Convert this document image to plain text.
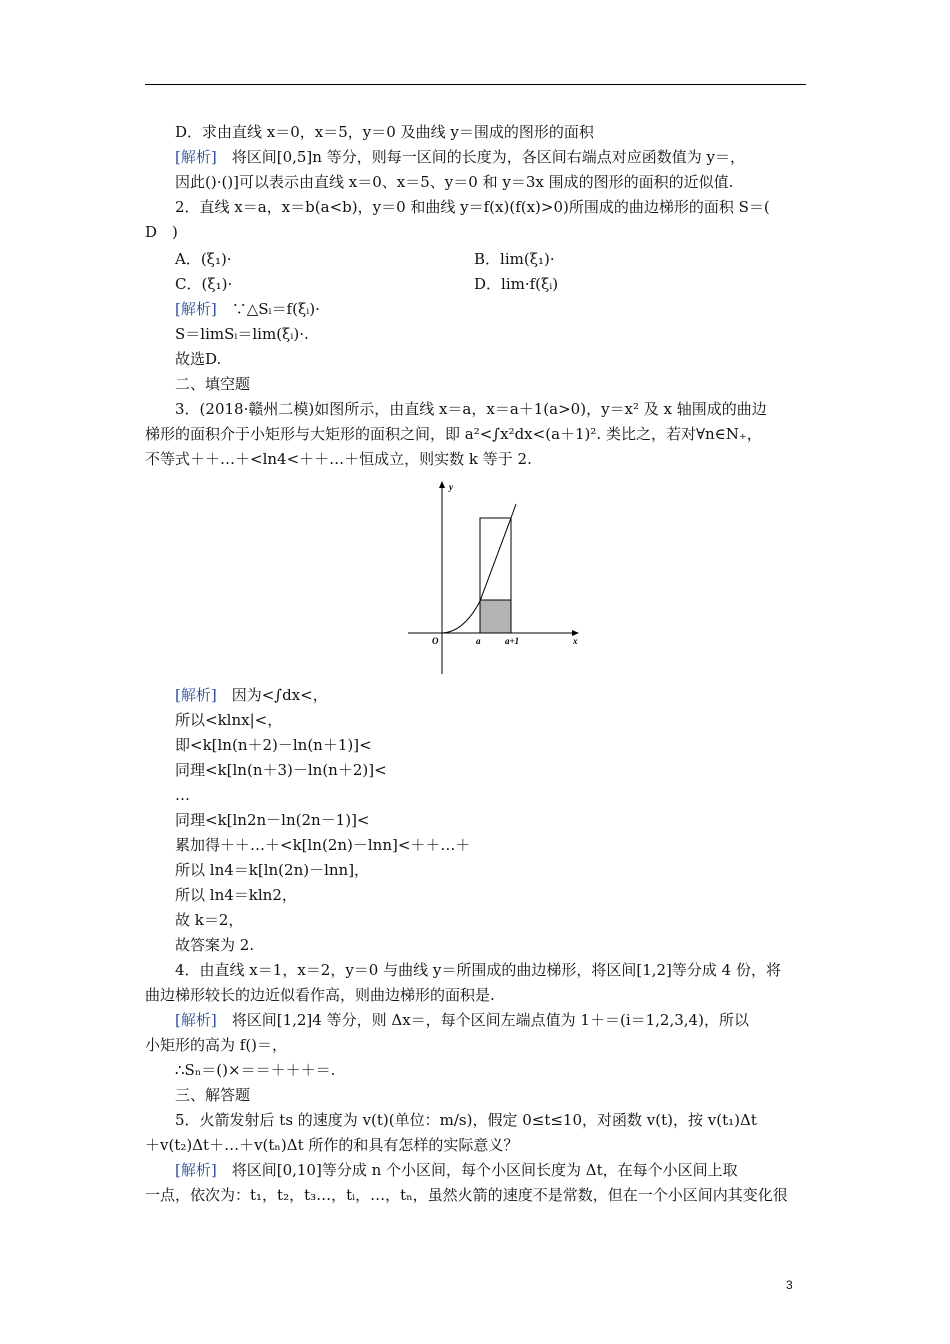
D．求由直线 x＝0，x＝5，y＝0 及曲线 y＝围成的图形的面积
[解析]　将区间[0,5]n 等分，则每一区间的长度为，各区间右端点对应函数值为 y＝，
因此()·()]可以表示由直线 x＝0、x＝5、y＝0 和 y＝3x 围成的图形的面积的近似值.
2．直线 x＝a，x＝b(a<b)，y＝0 和曲线 y＝f(x)(f(x)>0)所围成的曲边梯形的面积 S＝(
D　)
A．(ξ₁)·	B．lim(ξ₁)·
C．(ξ₁)·	D．lim·f(ξᵢ)
[解析]　∵△Sᵢ＝f(ξᵢ)·
S＝limSᵢ＝lim(ξᵢ)·.
故选D.
二、填空题
3．(2018·赣州二模)如图所示，由直线 x＝a，x＝a＋1(a>0)，y＝x² 及 x 轴围成的曲边
梯形的面积介于小矩形与大矩形的面积之间，即 a²<∫x²dx<(a＋1)². 类比之，若对∀n∈N₊，
不等式＋＋…＋<ln4<＋＋…＋恒成立，则实数 k 等于 2.
[解析]　因为<∫dx<，
所以<klnx|<，
即<k[ln(n＋2)－ln(n＋1)]<
同理<k[ln(n＋3)－ln(n＋2)]<
…
同理<k[ln2n－ln(2n－1)]<
累加得＋＋…＋<k[ln(2n)－lnn]<＋＋…＋
所以 ln4＝k[ln(2n)－lnn]，
所以 ln4＝kln2，
故 k＝2，
故答案为 2.
4．由直线 x＝1，x＝2，y＝0 与曲线 y＝所围成的曲边梯形，将区间[1,2]等分成 4 份，将
曲边梯形较长的边近似看作高，则曲边梯形的面积是.
[解析]　将区间[1,2]4 等分，则 Δx＝，每个区间左端点值为 1＋＝(i＝1,2,3,4)，所以
小矩形的高为 f()＝，
∴Sₙ＝()×＝＝＋＋＋＝.
三、解答题
5．火箭发射后 ts 的速度为 v(t)(单位：m/s)，假定 0≤t≤10，对函数 v(t)，按 v(t₁)Δt
＋v(t₂)Δt＋…＋v(tₙ)Δt 所作的和具有怎样的实际意义？
[解析]　将区间[0,10]等分成 n 个小区间，每个小区间长度为 Δt，在每个小区间上取
一点，依次为：t₁，t₂，t₃…，tᵢ，…，tₙ，虽然火箭的速度不是常数，但在一个小区间内其变化很
y
O	a	a+1	x
3
